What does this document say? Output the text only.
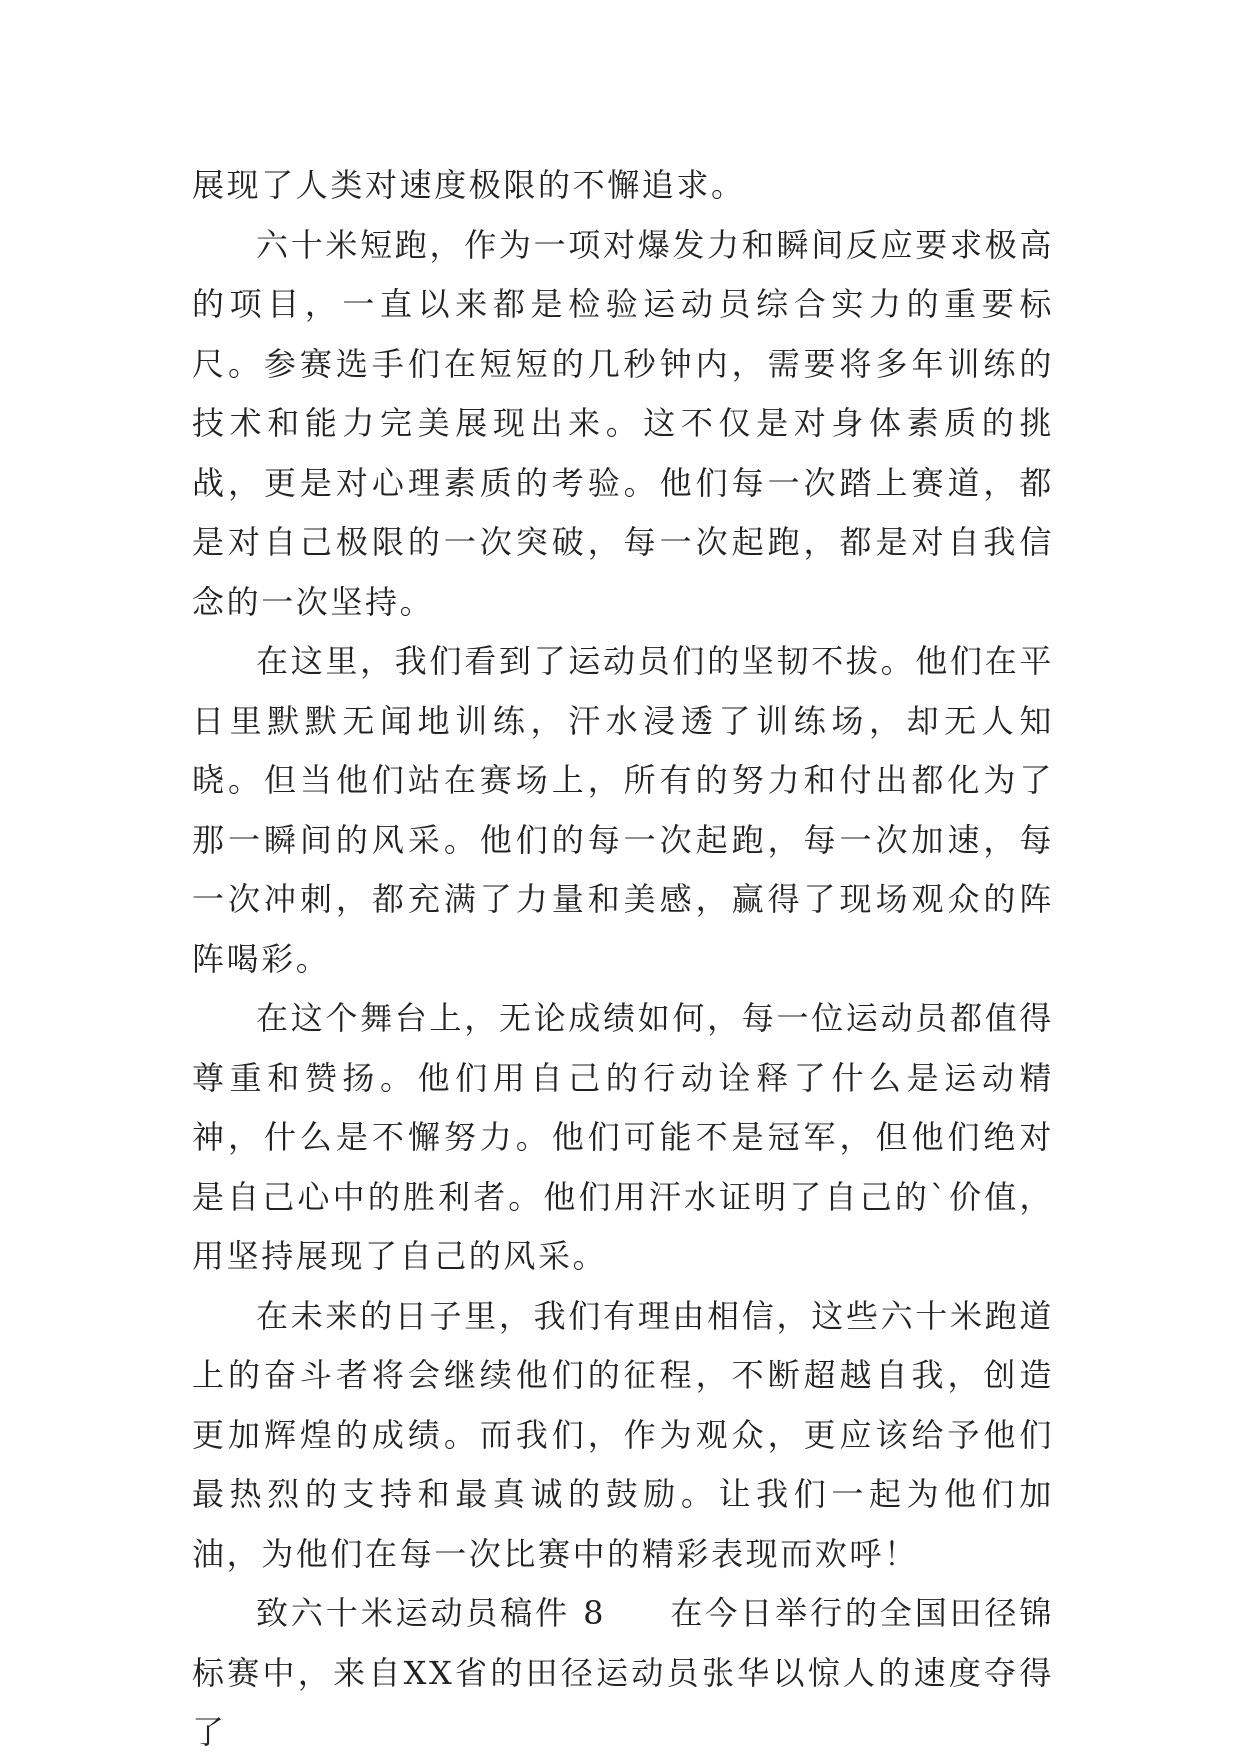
展现了人类对速度极限的不懈追求。

六十米短跑，作为一项对爆发力和瞬间反应要求极高的项目，一直以来都是检验运动员综合实力的重要标尺。参赛选手们在短短的几秒钟内，需要将多年训练的技术和能力完美展现出来。这不仅是对身体素质的挑战，更是对心理素质的考验。他们每一次踏上赛道，都是对自己极限的一次突破，每一次起跑，都是对自我信念的一次坚持。

在这里，我们看到了运动员们的坚韧不拔。他们在平日里默默无闻地训练，汗水浸透了训练场，却无人知晓。但当他们站在赛场上，所有的努力和付出都化为了那一瞬间的风采。他们的每一次起跑，每一次加速，每一次冲刺，都充满了力量和美感，赢得了现场观众的阵阵喝彩。

在这个舞台上，无论成绩如何，每一位运动员都值得尊重和赞扬。他们用自己的行动诠释了什么是运动精神，什么是不懈努力。他们可能不是冠军，但他们绝对是自己心中的胜利者。他们用汗水证明了自己的`价值，用坚持展现了自己的风采。

在未来的日子里，我们有理由相信，这些六十米跑道上的奋斗者将会继续他们的征程，不断超越自我，创造更加辉煌的成绩。而我们，作为观众，更应该给予他们最热烈的支持和最真诚的鼓励。让我们一起为他们加油，为他们在每一次比赛中的精彩表现而欢呼！

致六十米运动员稿件 8 在今日举行的全国田径锦标赛中，来自XX省的田径运动员张华以惊人的速度夺得了
